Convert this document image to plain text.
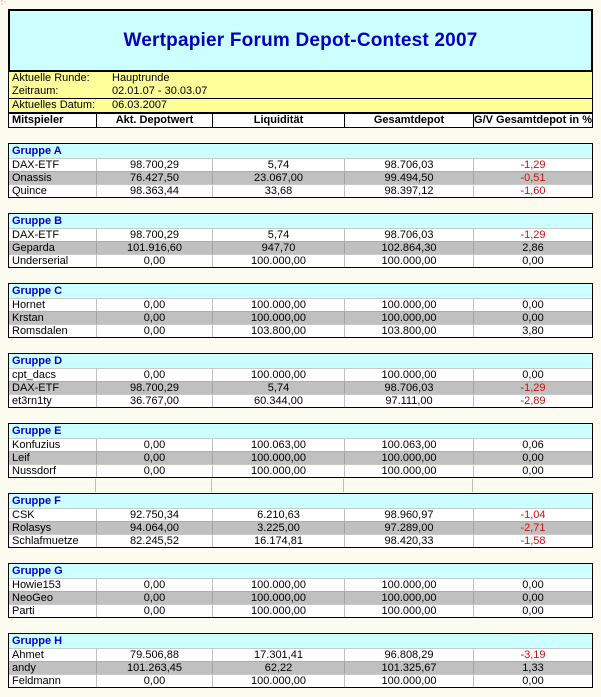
Wertpapier Forum Depot-Contest 2007
Aktuelle Runde:	Hauptrunde
Zeitraum:	02.01.07 - 30.03.07
Aktuelles Datum:	06.03.2007
Mitspieler	Akt. Depotwert	Liquidität	Gesamtdepot	G/V Gesamtdepot in %
Gruppe A
DAX-ETF	98.700,29	5,74	98.706,03	-1,29
Onassis	76.427,50	23.067,00	99.494,50	-0,51
Quince	98.363,44	33,68	98.397,12	-1,60
Gruppe B
DAX-ETF	98.700,29	5,74	98.706,03	-1,29
Geparda	101.916,60	947,70	102.864,30	2,86
Underserial	0,00	100.000,00	100.000,00	0,00
Gruppe C
Hornet	0,00	100.000,00	100.000,00	0,00
Krstan	0,00	100.000,00	100.000,00	0,00
Romsdalen	0,00	103.800,00	103.800,00	3,80
Gruppe D
cpt_dacs	0,00	100.000,00	100.000,00	0,00
DAX-ETF	98.700,29	5,74	98.706,03	-1,29
et3rn1ty	36.767,00	60.344,00	97.111,00	-2,89
Gruppe E
Konfuzius	0,00	100.063,00	100.063,00	0,06
Leif	0,00	100.000,00	100.000,00	0,00
Nussdorf	0,00	100.000,00	100.000,00	0,00
Gruppe F
CSK	92.750,34	6.210,63	98.960,97	-1,04
Rolasys	94.064,00	3.225,00	97.289,00	-2,71
Schlafmuetze	82.245,52	16.174,81	98.420,33	-1,58
Gruppe G
Howie153	0,00	100.000,00	100.000,00	0,00
NeoGeo	0,00	100.000,00	100.000,00	0,00
Parti	0,00	100.000,00	100.000,00	0,00
Gruppe H
Ahmet	79.506,88	17.301,41	96.808,29	-3,19
andy	101.263,45	62,22	101.325,67	1,33
Feldmann	0,00	100.000,00	100.000,00	0,00
